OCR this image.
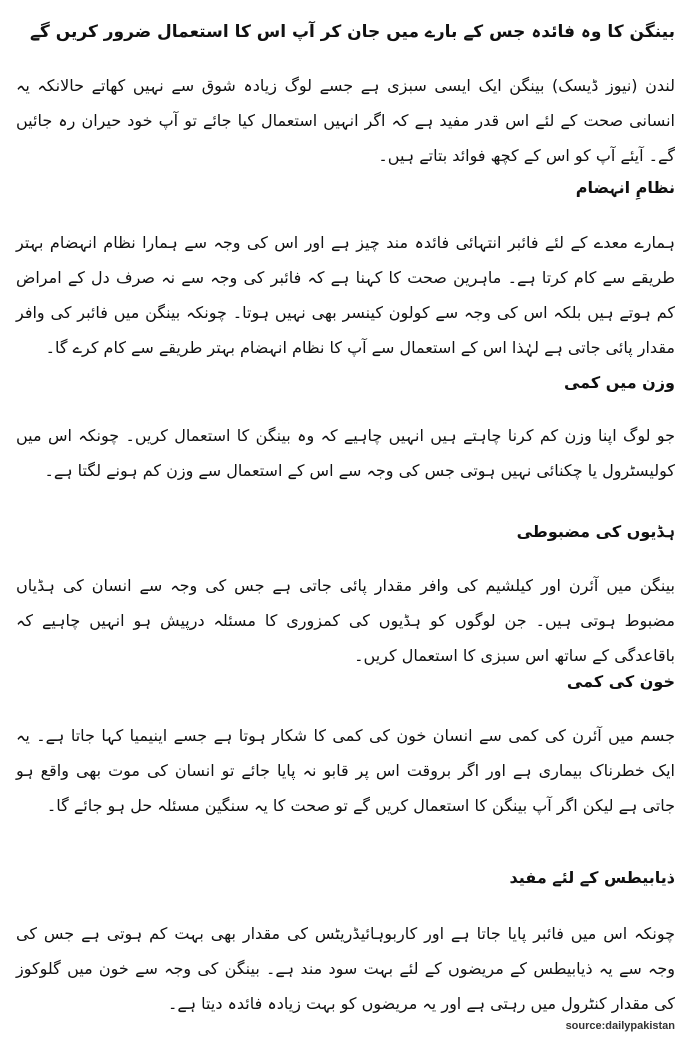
بینگن کا وہ فائدہ جس کے بارے میں جان کر آپ اس کا استعمال ضرور کریں گے

لندن (نیوز ڈیسک) بینگن ایک ایسی سبزی ہے جسے لوگ زیادہ شوق سے نہیں کھاتے حالانکہ یہ انسانی صحت کے لئے اس قدر مفید ہے کہ اگر انہیں استعمال کیا جائے تو آپ خود حیران رہ جائیں گے۔ آیئے آپ کو اس کے کچھ فوائد بتاتے ہیں۔

نظامِ انہضام

ہمارے معدے کے لئے فائبر انتہائی فائدہ مند چیز ہے اور اس کی وجہ سے ہمارا نظام انہضام بہتر طریقے سے کام کرتا ہے۔ ماہرین صحت کا کہنا ہے کہ فائبر کی وجہ سے نہ صرف دل کے امراض کم ہوتے ہیں بلکہ اس کی وجہ سے کولون کینسر بھی نہیں ہوتا۔ چونکہ بینگن میں فائبر کی وافر مقدار پائی جاتی ہے لہٰذا اس کے استعمال سے آپ کا نظام انہضام بہتر طریقے سے کام کرے گا۔

وزن میں کمی

جو لوگ اپنا وزن کم کرنا چاہتے ہیں انہیں چاہیے کہ وہ بینگن کا استعمال کریں۔ چونکہ اس میں کولیسٹرول یا چکنائی نہیں ہوتی جس کی وجہ سے اس کے استعمال سے وزن کم ہونے لگتا ہے۔

ہڈیوں کی مضبوطی

بینگن میں آئرن اور کیلشیم کی وافر مقدار پائی جاتی ہے جس کی وجہ سے انسان کی ہڈیاں مضبوط ہوتی ہیں۔ جن لوگوں کو ہڈیوں کی کمزوری کا مسئلہ درپیش ہو انہیں چاہیے کہ باقاعدگی کے ساتھ اس سبزی کا استعمال کریں۔

خون کی کمی

جسم میں آئرن کی کمی سے انسان خون کی کمی کا شکار ہوتا ہے جسے اینیمیا کہا جاتا ہے۔ یہ ایک خطرناک بیماری ہے اور اگر بروقت اس پر قابو نہ پایا جائے تو انسان کی موت بھی واقع ہو جاتی ہے لیکن اگر آپ بینگن کا استعمال کریں گے تو صحت کا یہ سنگین مسئلہ حل ہو جائے گا۔

ذیابیطس کے لئے مفید

چونکہ اس میں فائبر پایا جاتا ہے اور کاربوہائیڈریٹس کی مقدار بھی بہت کم ہوتی ہے جس کی وجہ سے یہ ذیابیطس کے مریضوں کے لئے بہت سود مند ہے۔ بینگن کی وجہ سے خون میں گلوکوز کی مقدار کنٹرول میں رہتی ہے اور یہ مریضوں کو بہت زیادہ فائدہ دیتا ہے۔

source:dailypakistan
